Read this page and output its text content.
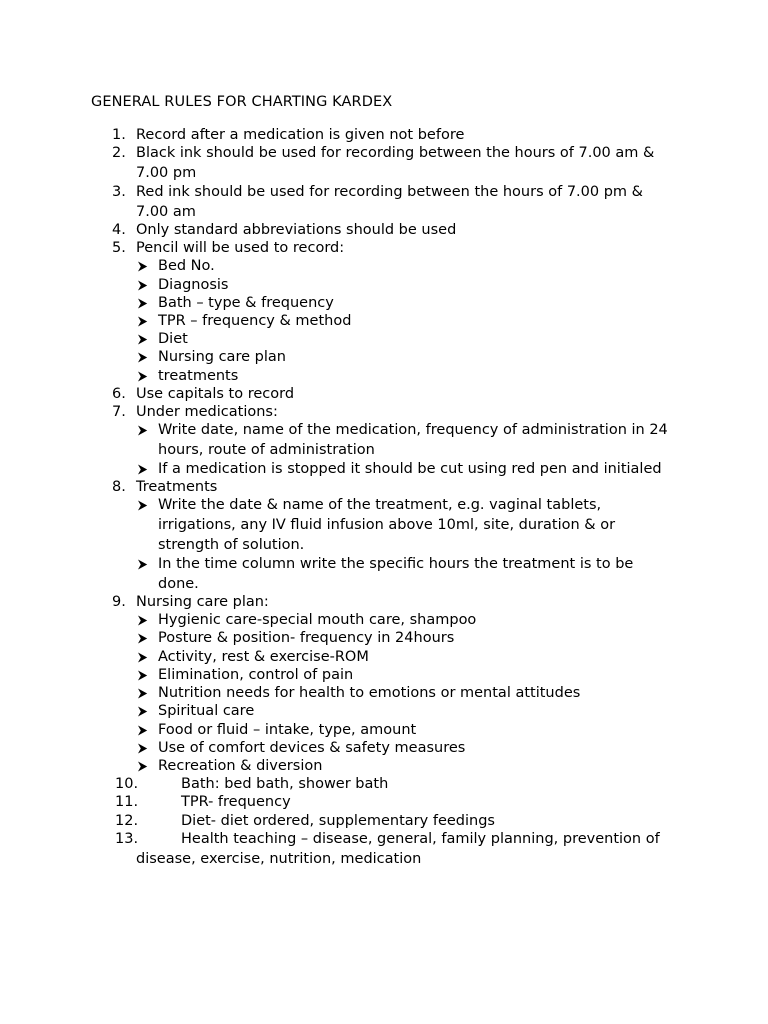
GENERAL RULES FOR CHARTING KARDEX
1. Record after a medication is given not before
2. Black ink should be used for recording between the hours of 7.00 am &
7.00 pm
3. Red ink should be used for recording between the hours of 7.00 pm &
7.00 am
4. Only standard abbreviations should be used
5. Pencil will be used to record:
Bed No.
Diagnosis
Bath – type & frequency
TPR – frequency & method
Diet
Nursing care plan
treatments
6. Use capitals to record
7. Under medications:
Write date, name of the medication, frequency of administration in 24
hours, route of administration
If a medication is stopped it should be cut using red pen and initialed
8. Treatments
Write the date & name of the treatment, e.g. vaginal tablets,
irrigations, any IV fluid infusion above 10ml, site, duration & or
strength of solution.
In the time column write the specific hours the treatment is to be
done.
9. Nursing care plan:
Hygienic care-special mouth care, shampoo
Posture & position- frequency in 24hours
Activity, rest & exercise-ROM
Elimination, control of pain
Nutrition needs for health to emotions or mental attitudes
Spiritual care
Food or fluid – intake, type, amount
Use of comfort devices & safety measures
Recreation & diversion
10.	Bath: bed bath, shower bath
11.	TPR- frequency
12.	Diet- diet ordered, supplementary feedings
13.	Health teaching – disease, general, family planning, prevention of
disease, exercise, nutrition, medication
